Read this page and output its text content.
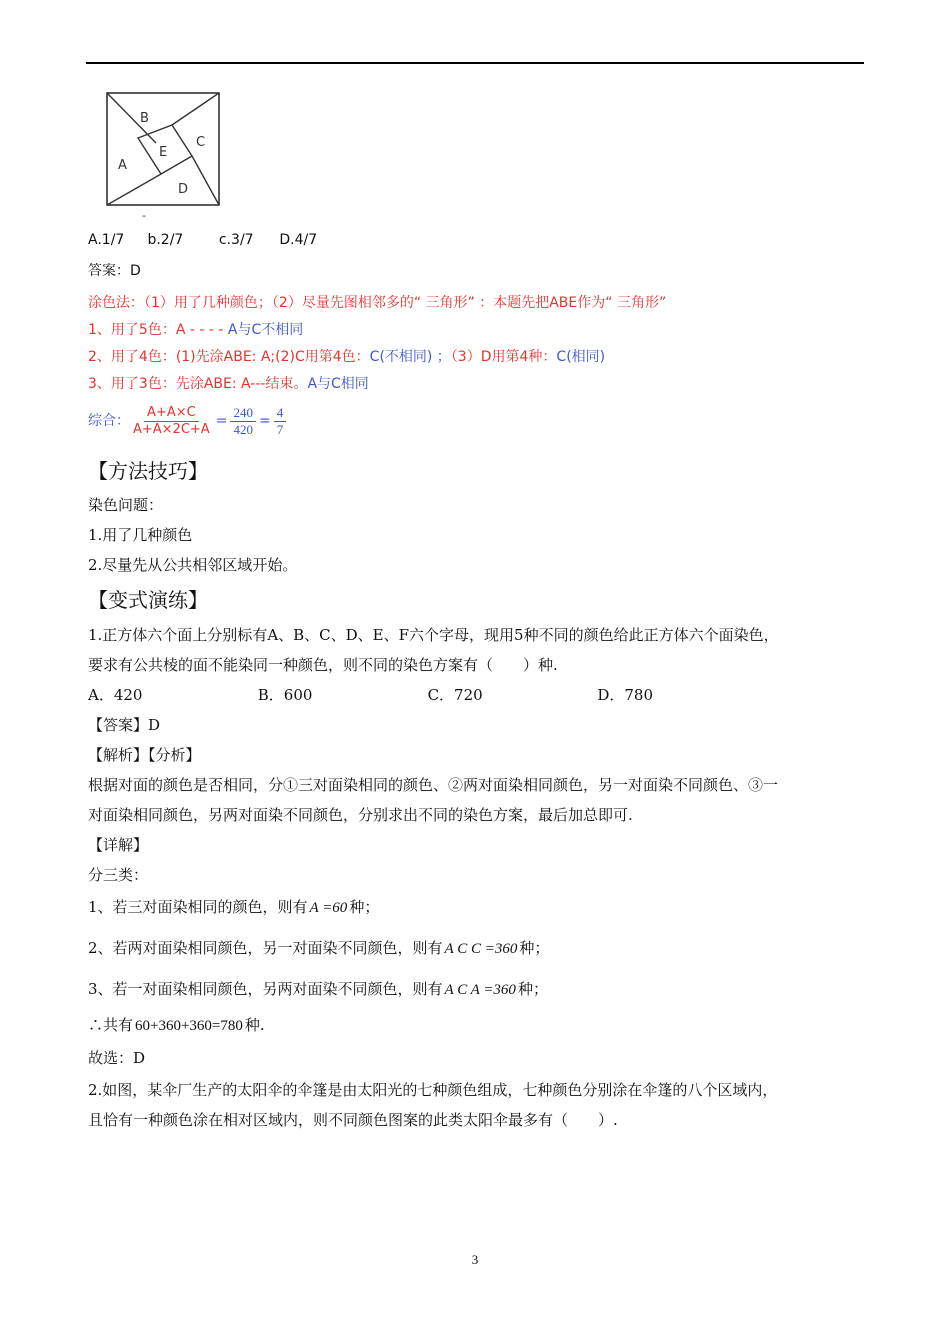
B
A
C
E
D
-
A.1/7 b.2/7	c.3/7 D.4/7
答案：D
涂色法：（1）用了几种颜色；（2）尽量先图相邻多的“ 三角形” ：本题先把ABE作为“ 三角形”
1、用了5色：A - - - - A与C不相同
2、用了4色：(1)先涂ABE: A;(2)C用第4色：C(不相同) ；（3）D用第4种：C(相同)
3、用了3色：先涂ABE: A---结束。A与C相同
综合： $\frac{A+A\times C}{A+A\times 2C+A} = \frac{240}{420} = \frac{4}{7}$
【方法技巧】
染色问题：
1.用了几种颜色
2.尽量先从公共相邻区域开始。
【变式演练】
1.正方体六个面上分别标有A、B、C、D、E、F六个字母，现用5种不同的颜色给此正方体六个面染色，
要求有公共棱的面不能染同一种颜色，则不同的染色方案有（　　）种.
A．420	B．600	C．720	D．780
【答案】D
【解析】【分析】
根据对面的颜色是否相同，分①三对面染相同的颜色、②两对面染相同颜色，另一对面染不同颜色、③一
对面染相同颜色，另两对面染不同颜色，分别求出不同的染色方案，最后加总即可.
【详解】
分三类：
1、若三对面染相同的颜色，则有 A =60 种；
2、若两对面染相同颜色，另一对面染不同颜色，则有 A C C =360 种；
3、若一对面染相同颜色，另两对面染不同颜色，则有 A C A =360 种；
∴共有 60+360+360=780 种.
故选：D
2.如图，某伞厂生产的太阳伞的伞篷是由太阳光的七种颜色组成，七种颜色分别涂在伞篷的八个区域内，
且恰有一种颜色涂在相对区域内，则不同颜色图案的此类太阳伞最多有（　　）.
3
